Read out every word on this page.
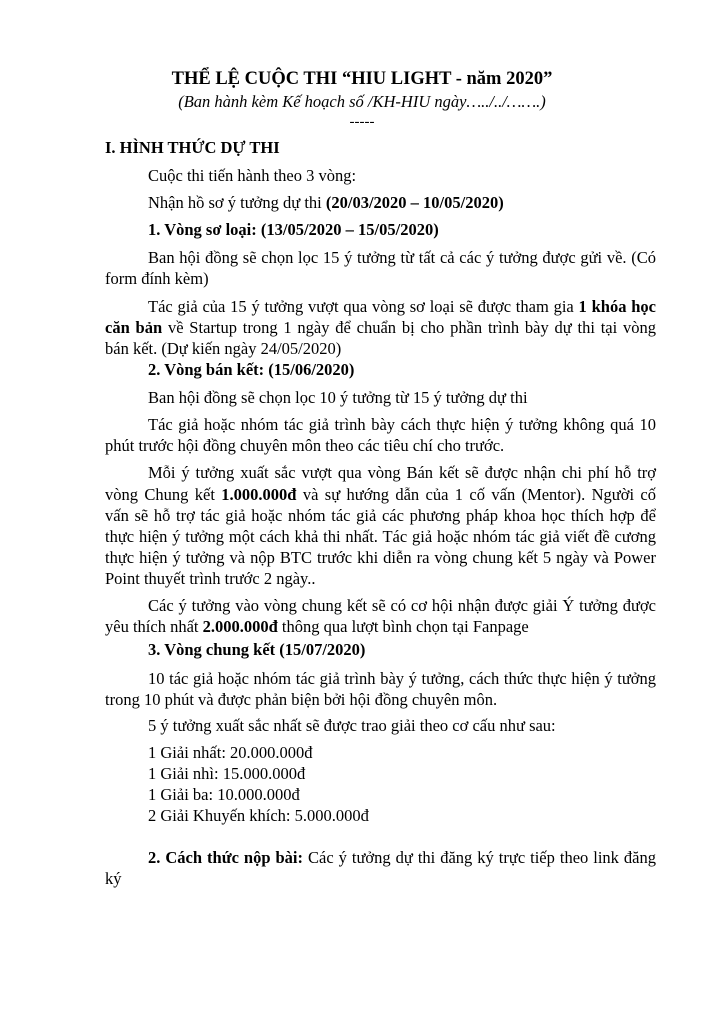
THỂ LỆ CUỘC THI “HIU LIGHT - năm 2020”
(Ban hành kèm Kế hoạch số /KH-HIU ngày…../../…….)
-----
I. HÌNH THỨC DỰ THI
Cuộc thi tiến hành theo 3 vòng:
Nhận hồ sơ ý tưởng dự thi (20/03/2020 – 10/05/2020)
1. Vòng sơ loại: (13/05/2020 – 15/05/2020)
Ban hội đồng sẽ chọn lọc 15 ý tưởng từ tất cả các ý tưởng được gửi về. (Có
form đính kèm)
Tác giả của 15 ý tưởng vượt qua vòng sơ loại sẽ được tham gia 1 khóa học
căn bản về Startup trong 1 ngày để chuẩn bị cho phần trình bày dự thi tại vòng
bán kết. (Dự kiến ngày 24/05/2020)
2. Vòng bán kết: (15/06/2020)
Ban hội đồng sẽ chọn lọc 10 ý tưởng từ 15 ý tưởng dự thi
Tác giả hoặc nhóm tác giả trình bày cách thực hiện ý tưởng không quá 10
phút trước hội đồng chuyên môn theo các tiêu chí cho trước.
Mỗi ý tưởng xuất sắc vượt qua vòng Bán kết sẽ được nhận chi phí hỗ trợ
vòng Chung kết 1.000.000đ và sự hướng dẫn của 1 cố vấn (Mentor). Người cố
vấn sẽ hỗ trợ tác giả hoặc nhóm tác giả các phương pháp khoa học thích hợp để
thực hiện ý tưởng một cách khả thi nhất. Tác giả hoặc nhóm tác giả viết đề cương
thực hiện ý tưởng và nộp BTC trước khi diễn ra vòng chung kết 5 ngày và Power
Point thuyết trình trước 2 ngày..
Các ý tưởng vào vòng chung kết sẽ có cơ hội nhận được giải Ý tưởng được
yêu thích nhất 2.000.000đ thông qua lượt bình chọn tại Fanpage
3. Vòng chung kết (15/07/2020)
10 tác giả hoặc nhóm tác giả trình bày ý tưởng, cách thức thực hiện ý tưởng
trong 10 phút và được phản biện bởi hội đồng chuyên môn.
5 ý tưởng xuất sắc nhất sẽ được trao giải theo cơ cấu như sau:
1 Giải nhất: 20.000.000đ
1 Giải nhì: 15.000.000đ
1 Giải ba: 10.000.000đ
2 Giải Khuyến khích: 5.000.000đ
2. Cách thức nộp bài: Các ý tưởng dự thi đăng ký trực tiếp theo link đăng
ký
